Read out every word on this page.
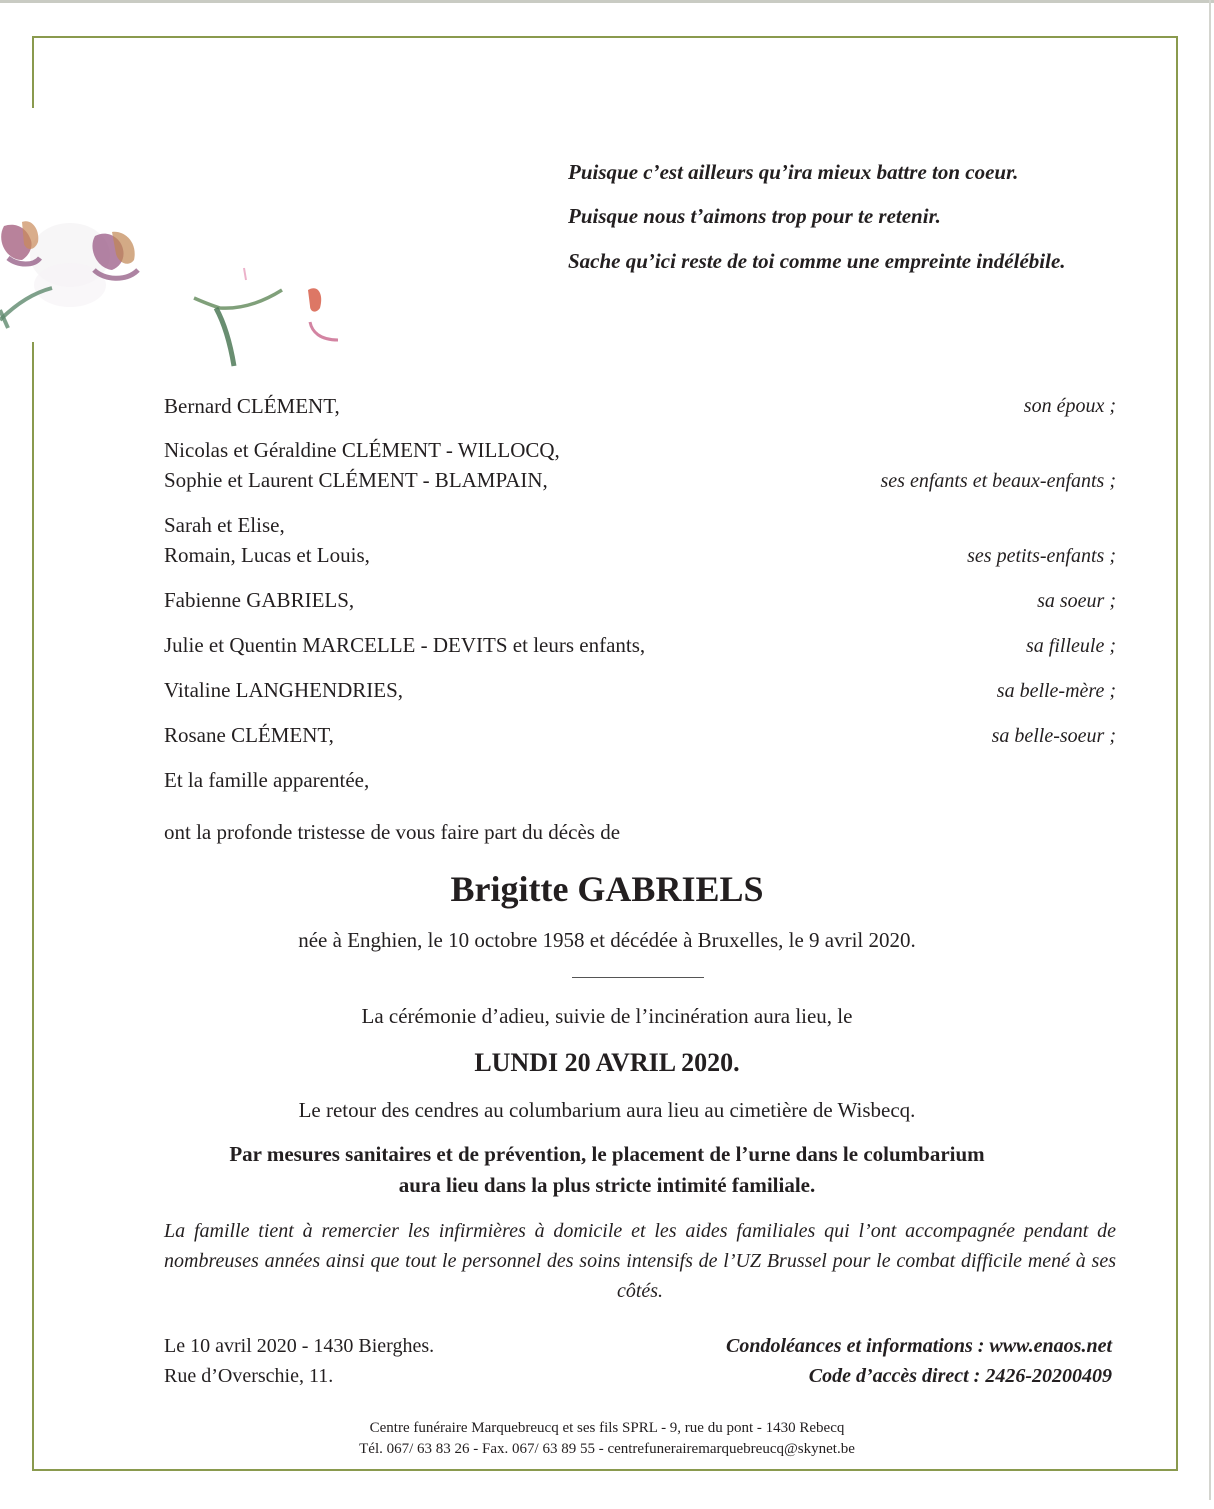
Puisque c’est ailleurs qu’ira mieux battre ton coeur.
Puisque nous t’aimons trop pour te retenir.
Sache qu’ici reste de toi comme une empreinte indélébile.
Bernard CLÉMENT,	son époux ;
Nicolas et Géraldine CLÉMENT - WILLOCQ,
Sophie et Laurent CLÉMENT - BLAMPAIN,	ses enfants et beaux-enfants ;
Sarah et Elise,
Romain, Lucas et Louis,	ses petits-enfants ;
Fabienne GABRIELS,	sa soeur ;
Julie et Quentin MARCELLE - DEVITS et leurs enfants,	sa filleule ;
Vitaline LANGHENDRIES,	sa belle-mère ;
Rosane CLÉMENT,	sa belle-soeur ;
Et la famille apparentée,
ont la profonde tristesse de vous faire part du décès de
Brigitte GABRIELS
née à Enghien, le 10 octobre 1958 et décédée à Bruxelles, le 9 avril 2020.
La cérémonie d’adieu, suivie de l’incinération aura lieu, le
LUNDI 20 AVRIL 2020.
Le retour des cendres au columbarium aura lieu au cimetière de Wisbecq.
Par mesures sanitaires et de prévention, le placement de l’urne dans le columbarium
aura lieu dans la plus stricte intimité familiale.
La famille tient à remercier les infirmières à domicile et les aides familiales qui l’ont accompagnée pendant de nombreuses années ainsi que tout le personnel des soins intensifs de l’UZ Brussel pour le combat difficile mené à ses côtés.
Le 10 avril 2020 - 1430 Bierghes.
Rue d’Overschie, 11.
Condoléances et informations : www.enaos.net
Code d’accès direct : 2426-20200409
Centre funéraire Marquebreucq et ses fils SPRL - 9, rue du pont - 1430 Rebecq
Tél. 067/ 63 83 26 - Fax. 067/ 63 89 55 - centrefunerairemarquebreucq@skynet.be
